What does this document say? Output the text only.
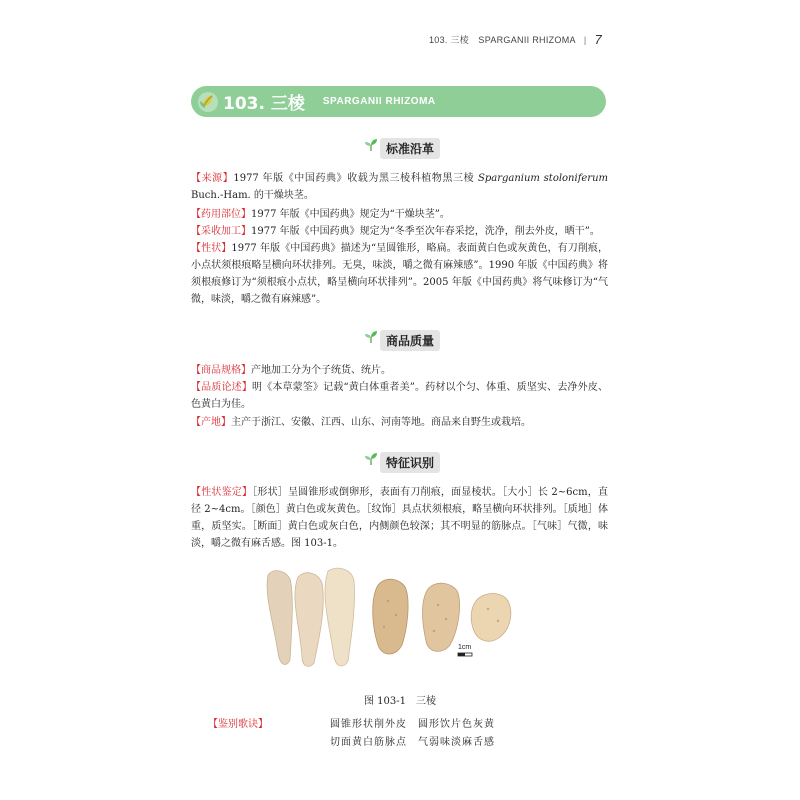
103. 三棱　SPARGANII RHIZOMA | 7
103. 三棱 SPARGANII RHIZOMA
标准沿革
【来源】1977 年版《中国药典》收载为黑三棱科植物黑三棱 Sparganium stoloniferum Buch.-Ham. 的干燥块茎。
【药用部位】1977 年版《中国药典》规定为“干燥块茎”。
【采收加工】1977 年版《中国药典》规定为“冬季至次年春采挖，洗净，削去外皮，晒干”。
【性状】1977 年版《中国药典》描述为“呈圆锥形，略扁。表面黄白色或灰黄色，有刀削痕，小点状须根痕略呈横向环状排列。无臭，味淡，嚼之微有麻辣感”。1990 年版《中国药典》将须根痕修订为“须根痕小点状，略呈横向环状排列”。2005 年版《中国药典》将气味修订为“气微，味淡，嚼之微有麻辣感”。
商品质量
【商品规格】产地加工分为个子统货、统片。
【品质论述】明《本草蒙筌》记载“黄白体重者美”。药材以个匀、体重、质坚实、去净外皮、色黄白为佳。
【产地】主产于浙江、安徽、江西、山东、河南等地。商品来自野生或栽培。
特征识别
【性状鉴定】［形状］呈圆锥形或倒卵形，表面有刀削痕，面显棱状。［大小］长 2~6cm，直径 2~4cm。［颜色］黄白色或灰黄色。［纹饰］具点状须根痕，略呈横向环状排列。［质地］体重，质坚实。［断面］黄白色或灰白色，内侧颜色较深；其不明显的筋脉点。［气味］气微，味淡，嚼之微有麻舌感。图 103-1。
1cm
图 103-1　三棱
【鉴别歌诀】	圆锥形状削外皮　圆形饮片色灰黄
切面黄白筋脉点　气弱味淡麻舌感
